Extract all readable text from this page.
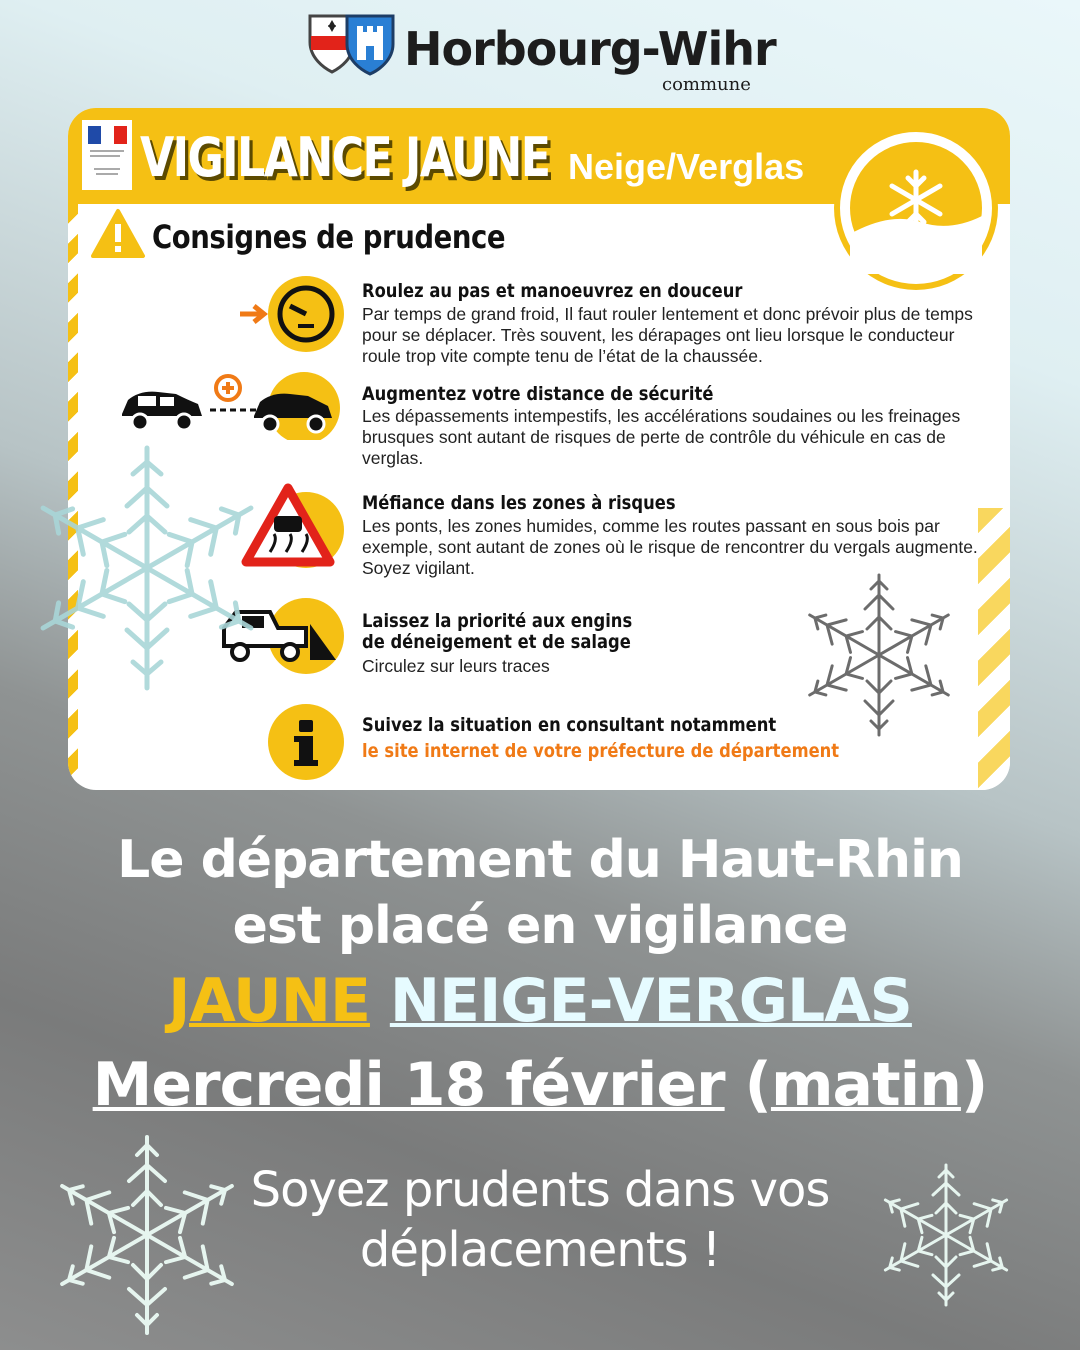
Horbourg-Wihr
commune
VIGILANCE JAUNE Neige/Verglas
Consignes de prudence
Roulez au pas et manoeuvrez en douceur
Par temps de grand froid, Il faut rouler lentement et donc prévoir plus de temps pour se déplacer. Très souvent, les dérapages ont lieu lorsque le conducteur roule trop vite compte tenu de l’état de la chaussée.
Augmentez votre distance de sécurité
Les dépassements intempestifs, les accélérations soudaines ou les freinages brusques sont autant de risques de perte de contrôle du véhicule en cas de verglas.
Méfiance dans les zones à risques
Les ponts, les zones humides, comme les routes passant en sous bois par exemple, sont autant de zones où le risque de rencontrer du vergals augmente. Soyez vigilant.
Laissez la priorité aux engins
de déneigement et de salage
Circulez sur leurs traces
Suivez la situation en consultant notamment
le site internet de votre préfecture de département
Le département du Haut-Rhin
est placé en vigilance
JAUNE NEIGE-VERGLAS
Mercredi 18 février (matin)
Soyez prudents dans vos
déplacements !
